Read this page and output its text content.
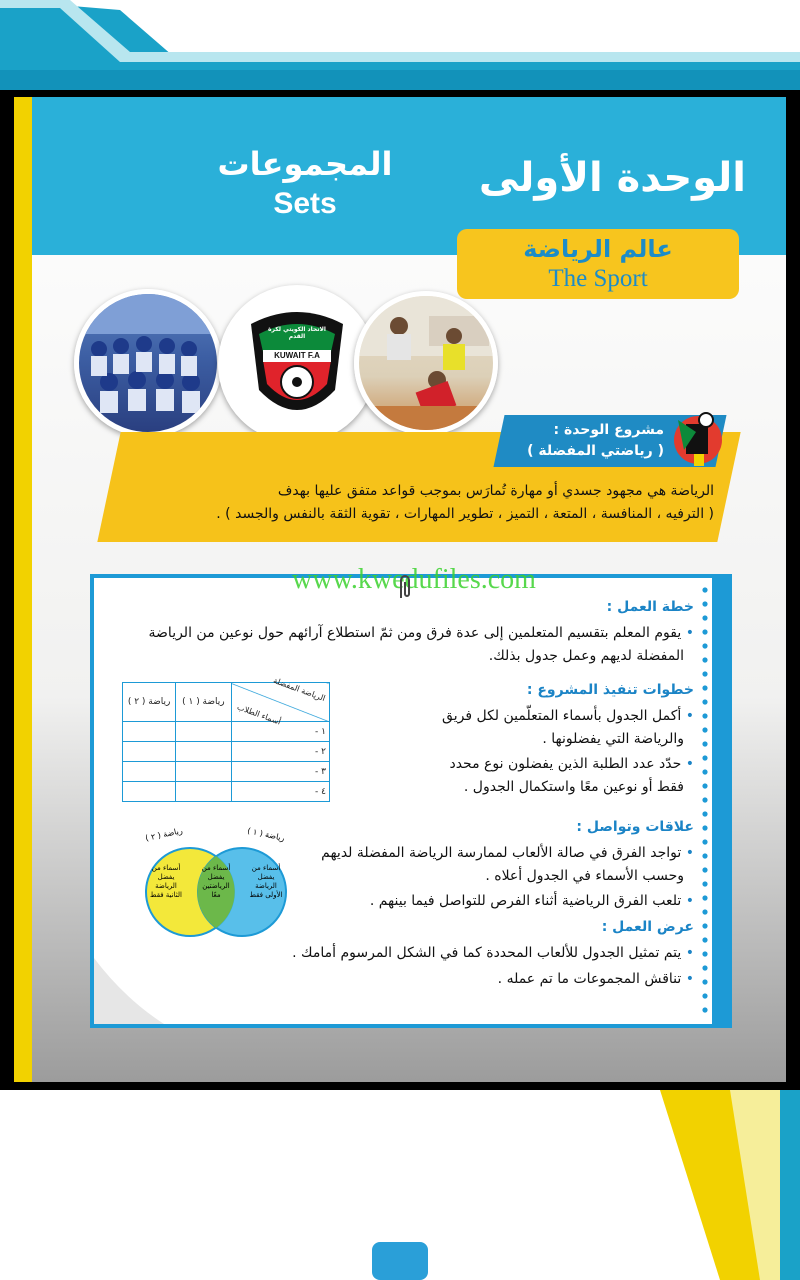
الوحدة الأولى
المجموعات
Sets
عالم الرياضة
The Sport
الاتحاد الكويتي لكرة القدم
KUWAIT F.A
مشروع الوحدة :
( رياضتي المفضلة )
الرياضة هي مجهود جسدي أو مهارة تُمارَس بموجب قواعد متفق عليها بهدف
( الترفيه ، المنافسة ، المتعة ، التميز ، تطوير المهارات ، تقوية الثقة بالنفس والجسد ) .
www.kwedufiles.com
خطة العمل :
• يقوم المعلم بتقسيم المتعلمين إلى عدة فرق ومن ثمّ استطلاع آرائهم حول نوعين من الرياضة
المفضلة لديهم وعمل جدول بذلك.
خطوات تنفيذ المشروع :
• أكمل الجدول بأسماء المتعلّمين لكل فريق
والرياضة التي يفضلونها .
• حدّد عدد الطلبة الذين يفضلون نوع محدد
فقط أو نوعين معًا واستكمال الجدول .
رياضة ( ٢ )	رياضة ( ١ )	الرياضة المفضلة
أسماء الطلاب

		١ -
		٢ -
		٣ -
		٤ -
علاقات وتواصل :
• تواجد الفرق في صالة الألعاب لممارسة الرياضة المفضلة لديهم
وحسب الأسماء في الجدول أعلاه .
• تلعب الفرق الرياضية أثناء الفرص للتواصل فيما بينهم .
رياضة ( ١ )
رياضة ( ٢ )
أسماء من
يفضل
الرياضة
الأولى فقط
أسماء من
يفضل
الرياضتين
معًا
أسماء من
يفضل
الرياضة
الثانية فقط
عرض العمل :
• يتم تمثيل الجدول للألعاب المحددة كما في الشكل المرسوم أمامك .
• تناقش المجموعات ما تم عمله .
